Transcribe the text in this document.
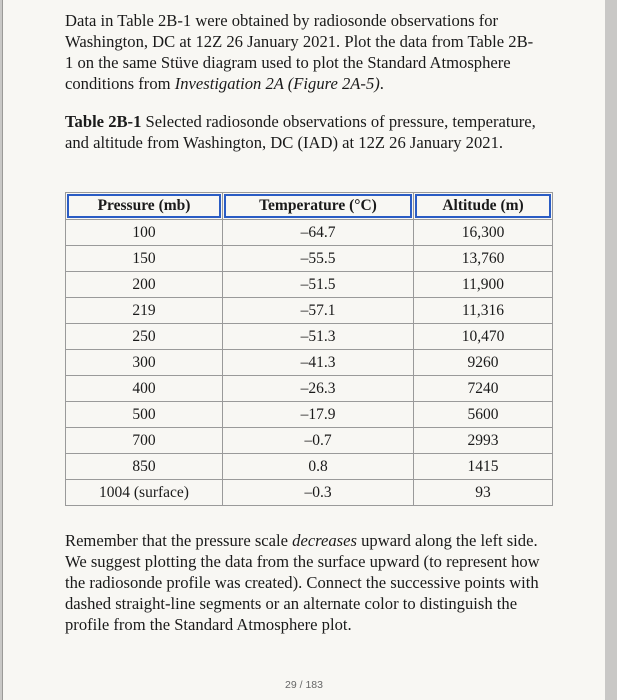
Data in Table 2B-1 were obtained by radiosonde observations for Washington, DC at 12Z 26 January 2021. Plot the data from Table 2B-1 on the same Stüve diagram used to plot the Standard Atmosphere conditions from Investigation 2A (Figure 2A-5).

Table 2B-1 Selected radiosonde observations of pressure, temperature, and altitude from Washington, DC (IAD) at 12Z 26 January 2021.

Pressure (mb)	Temperature (°C)	Altitude (m)

100	–64.7	16,300
150	–55.5	13,760
200	–51.5	11,900
219	–57.1	11,316
250	–51.3	10,470
300	–41.3	9260
400	–26.3	7240
500	–17.9	5600
700	–0.7	2993
850	0.8	1415
1004 (surface)	–0.3	93

Remember that the pressure scale decreases upward along the left side. We suggest plotting the data from the surface upward (to represent how the radiosonde profile was created). Connect the successive points with dashed straight-line segments or an alternate color to distinguish the profile from the Standard Atmosphere plot.

29 / 183
